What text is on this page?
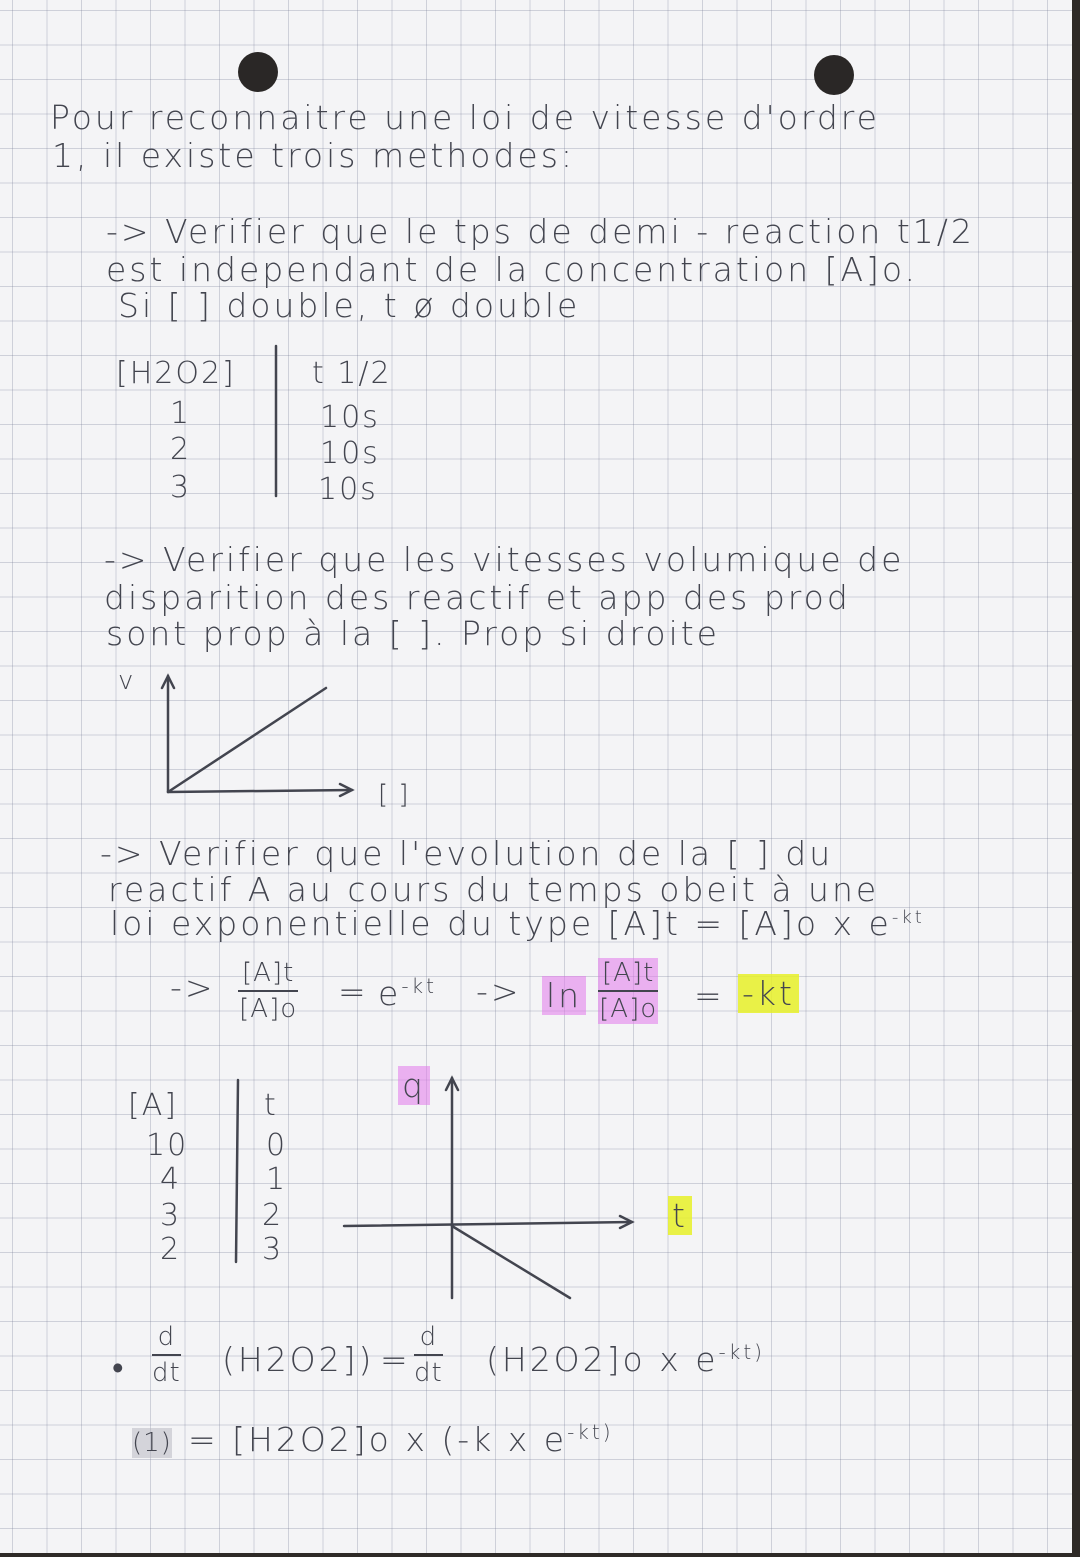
Pour reconnaitre une loi de vitesse d'ordre
1, il existe trois methodes:
-> Verifier que le tps de demi - reaction t1/2
est independant de la concentration [A]o.
Si [ ] double, t ø double
[H2O2]	t 1/2
1	10s
2	10s
3	10s
-> Verifier que les vitesses volumique de
disparition des reactif et app des prod
sont prop à la [ ]. Prop si droite
v
[ ]
-> Verifier que l'evolution de la [ ] du
reactif A au cours du temps obeit à une
loi exponentielle du type [A]t = [A]o x $e^{-kt}$
-> $\frac{[A]t}{[A]o} = e^{-kt} -> \ln \frac{[A]t}{[A]o} = -kt$
[A]	t
10	0
4	1
3	2
2	3
q
t
• $\frac{d}{dt} (H2O2]) = \frac{d}{dt} (H2O2]o$ x $e^{-kt)}$
(1) = [H2O2]o x (-k x $e^{-kt)}$
